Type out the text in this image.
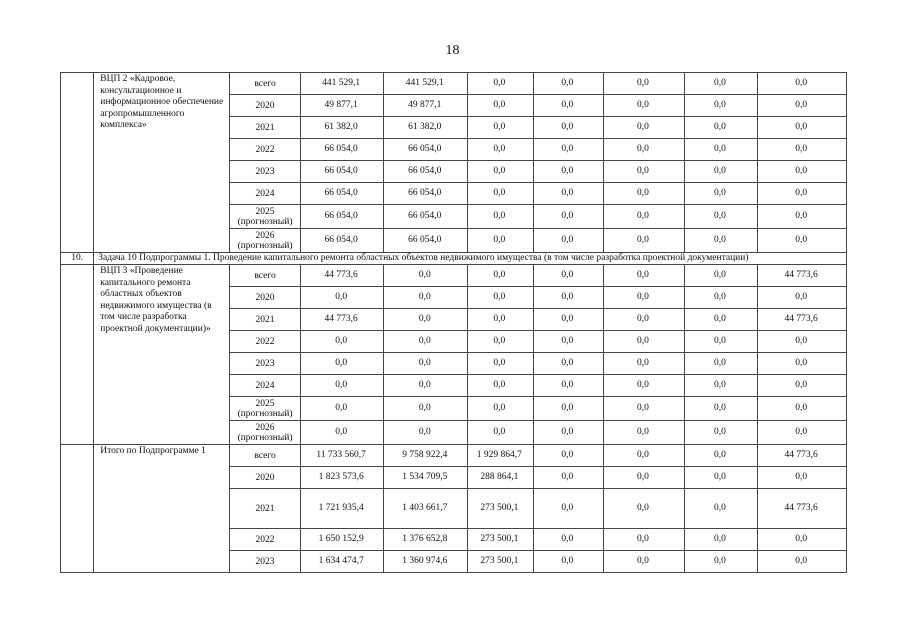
18
	ВЦП 2 «Кадровое, консультационное и информационное обеспечение агропромышленного комплекса»	всего	441 529,1	441 529,1	0,0	0,0	0,0	0,0	0,0
		2020	49 877,1	49 877,1	0,0	0,0	0,0	0,0	0,0
		2021	61 382,0	61 382,0	0,0	0,0	0,0	0,0	0,0
		2022	66 054,0	66 054,0	0,0	0,0	0,0	0,0	0,0
		2023	66 054,0	66 054,0	0,0	0,0	0,0	0,0	0,0
		2024	66 054,0	66 054,0	0,0	0,0	0,0	0,0	0,0
		2025 (прогнозный)	66 054,0	66 054,0	0,0	0,0	0,0	0,0	0,0
		2026 (прогнозный)	66 054,0	66 054,0	0,0	0,0	0,0	0,0	0,0
10.	Задача 10 Подпрограммы 1. Проведение капитального ремонта областных объектов недвижимого имущества (в том числе разработка проектной документации)								
	ВЦП 3 «Проведение капитального ремонта областных объектов недвижимого имущества (в том числе разработка проектной документации)»	всего	44 773,6	0,0	0,0	0,0	0,0	0,0	44 773,6
		2020	0,0	0,0	0,0	0,0	0,0	0,0	0,0
		2021	44 773,6	0,0	0,0	0,0	0,0	0,0	44 773,6
		2022	0,0	0,0	0,0	0,0	0,0	0,0	0,0
		2023	0,0	0,0	0,0	0,0	0,0	0,0	0,0
		2024	0,0	0,0	0,0	0,0	0,0	0,0	0,0
		2025 (прогнозный)	0,0	0,0	0,0	0,0	0,0	0,0	0,0
		2026 (прогнозный)	0,0	0,0	0,0	0,0	0,0	0,0	0,0
	Итого по Подпрограмме 1	всего	11 733 560,7	9 758 922,4	1 929 864,7	0,0	0,0	0,0	44 773,6
		2020	1 823 573,6	1 534 709,5	288 864,1	0,0	0,0	0,0	0,0
		2021	1 721 935,4	1 403 661,7	273 500,1	0,0	0,0	0,0	44 773,6
		2022	1 650 152,9	1 376 652,8	273 500,1	0,0	0,0	0,0	0,0
		2023	1 634 474,7	1 360 974,6	273 500,1	0,0	0,0	0,0	0,0
